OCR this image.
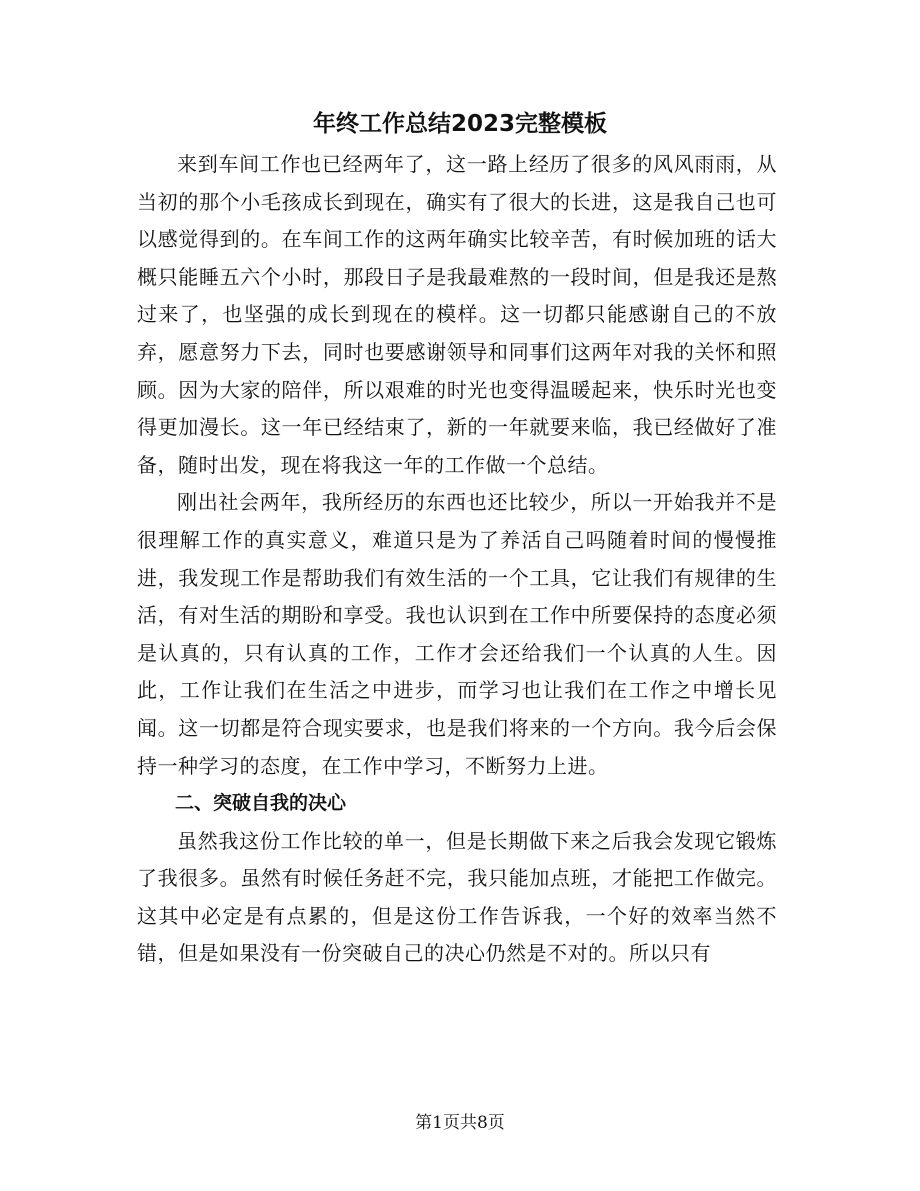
年终工作总结2023完整模板

来到车间工作也已经两年了，这一路上经历了很多的风风雨雨，从当初的那个小毛孩成长到现在，确实有了很大的长进，这是我自己也可以感觉得到的。在车间工作的这两年确实比较辛苦，有时候加班的话大概只能睡五六个小时，那段日子是我最难熬的一段时间，但是我还是熬过来了，也坚强的成长到现在的模样。这一切都只能感谢自己的不放弃，愿意努力下去，同时也要感谢领导和同事们这两年对我的关怀和照顾。因为大家的陪伴，所以艰难的时光也变得温暖起来，快乐时光也变得更加漫长。这一年已经结束了，新的一年就要来临，我已经做好了准备，随时出发，现在将我这一年的工作做一个总结。

刚出社会两年，我所经历的东西也还比较少，所以一开始我并不是很理解工作的真实意义，难道只是为了养活自己吗随着时间的慢慢推进，我发现工作是帮助我们有效生活的一个工具，它让我们有规律的生活，有对生活的期盼和享受。我也认识到在工作中所要保持的态度必须是认真的，只有认真的工作，工作才会还给我们一个认真的人生。因此，工作让我们在生活之中进步，而学习也让我们在工作之中增长见闻。这一切都是符合现实要求，也是我们将来的一个方向。我今后会保持一种学习的态度，在工作中学习，不断努力上进。

二、突破自我的决心

虽然我这份工作比较的单一，但是长期做下来之后我会发现它锻炼了我很多。虽然有时候任务赶不完，我只能加点班，才能把工作做完。这其中必定是有点累的，但是这份工作告诉我，一个好的效率当然不错，但是如果没有一份突破自己的决心仍然是不对的。所以只有

第1页共8页
